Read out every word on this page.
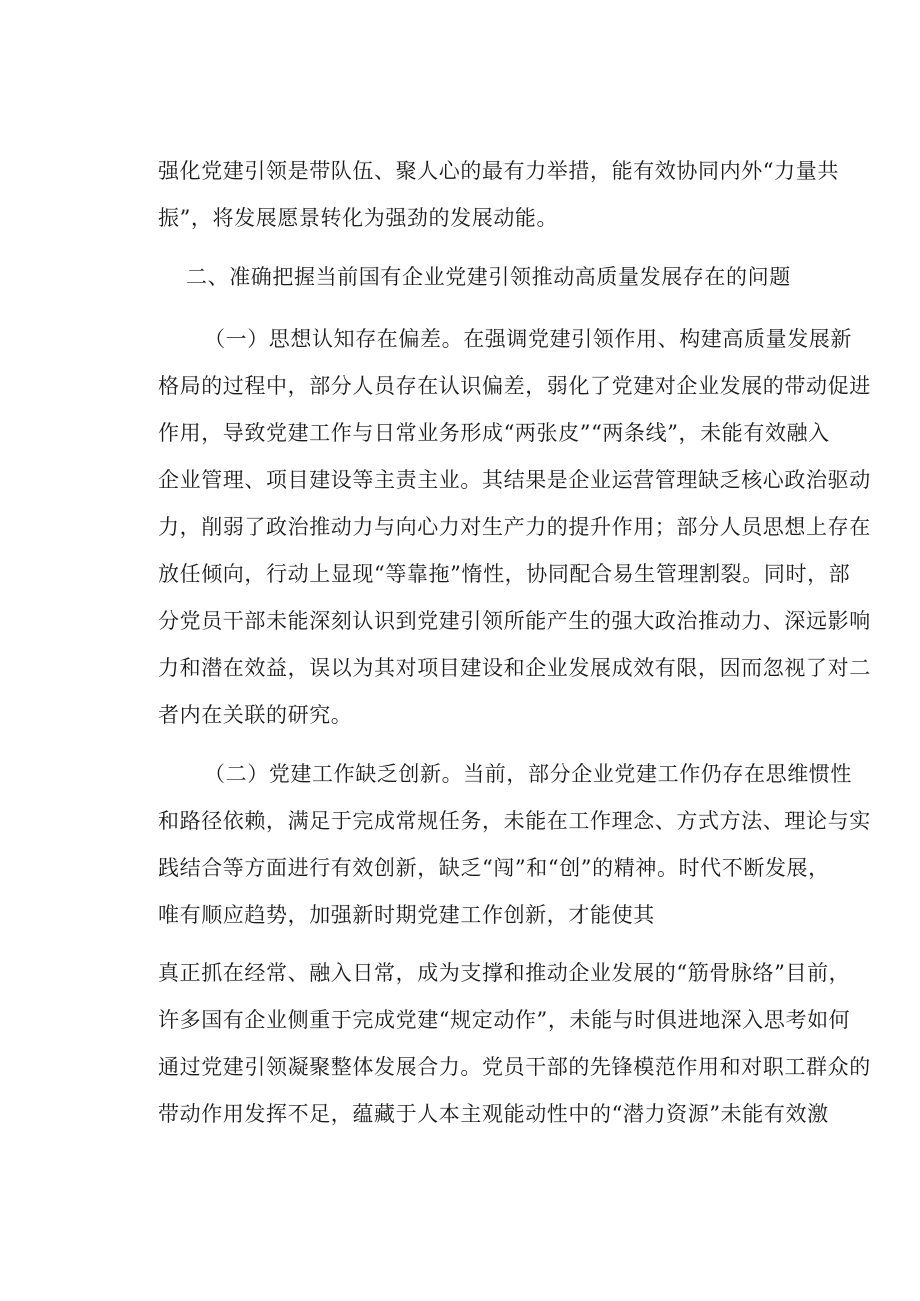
强化党建引领是带队伍、聚人心的最有力举措，能有效协同内外“力量共
振”，将发展愿景转化为强劲的发展动能。
二、准确把握当前国有企业党建引领推动高质量发展存在的问题
（一）思想认知存在偏差。在强调党建引领作用、构建高质量发展新
格局的过程中，部分人员存在认识偏差，弱化了党建对企业发展的带动促进
作用，导致党建工作与日常业务形成“两张皮”“两条线”，未能有效融入
企业管理、项目建设等主责主业。其结果是企业运营管理缺乏核心政治驱动
力，削弱了政治推动力与向心力对生产力的提升作用；部分人员思想上存在
放任倾向，行动上显现“等靠拖”惰性，协同配合易生管理割裂。同时，部
分党员干部未能深刻认识到党建引领所能产生的强大政治推动力、深远影响
力和潜在效益，误以为其对项目建设和企业发展成效有限，因而忽视了对二
者内在关联的研究。
（二）党建工作缺乏创新。当前，部分企业党建工作仍存在思维惯性
和路径依赖，满足于完成常规任务，未能在工作理念、方式方法、理论与实
践结合等方面进行有效创新，缺乏“闯”和“创”的精神。时代不断发展，
唯有顺应趋势，加强新时期党建工作创新，才能使其
真正抓在经常、融入日常，成为支撑和推动企业发展的“筋骨脉络”目前，
许多国有企业侧重于完成党建“规定动作”，未能与时俱进地深入思考如何
通过党建引领凝聚整体发展合力。党员干部的先锋模范作用和对职工群众的
带动作用发挥不足，蕴藏于人本主观能动性中的“潜力资源”未能有效激
